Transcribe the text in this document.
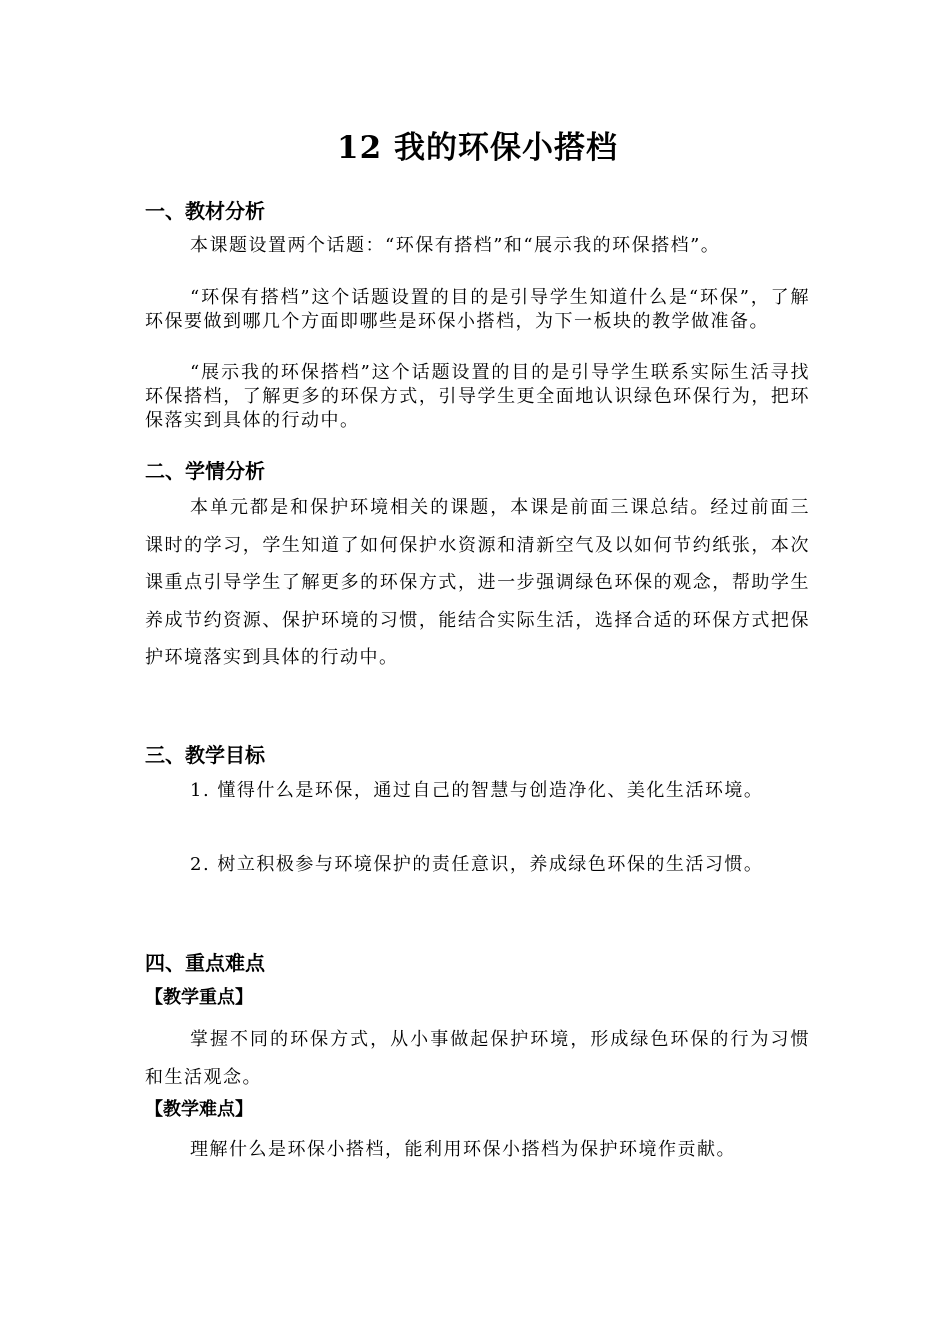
12 我的环保小搭档
一、教材分析
本课题设置两个话题：“环保有搭档”和“展示我的环保搭档”。
“环保有搭档”这个话题设置的目的是引导学生知道什么是“环保”，了解环保要做到哪几个方面即哪些是环保小搭档，为下一板块的教学做准备。
“展示我的环保搭档”这个话题设置的目的是引导学生联系实际生活寻找环保搭档，了解更多的环保方式，引导学生更全面地认识绿色环保行为，把环保落实到具体的行动中。
二、学情分析
本单元都是和保护环境相关的课题，本课是前面三课总结。经过前面三课时的学习，学生知道了如何保护水资源和清新空气及以如何节约纸张，本次课重点引导学生了解更多的环保方式，进一步强调绿色环保的观念，帮助学生养成节约资源、保护环境的习惯，能结合实际生活，选择合适的环保方式把保护环境落实到具体的行动中。
三、教学目标
1. 懂得什么是环保，通过自己的智慧与创造净化、美化生活环境。
2. 树立积极参与环境保护的责任意识，养成绿色环保的生活习惯。
四、重点难点
【教学重点】
掌握不同的环保方式，从小事做起保护环境，形成绿色环保的行为习惯和生活观念。
【教学难点】
理解什么是环保小搭档，能利用环保小搭档为保护环境作贡献。
